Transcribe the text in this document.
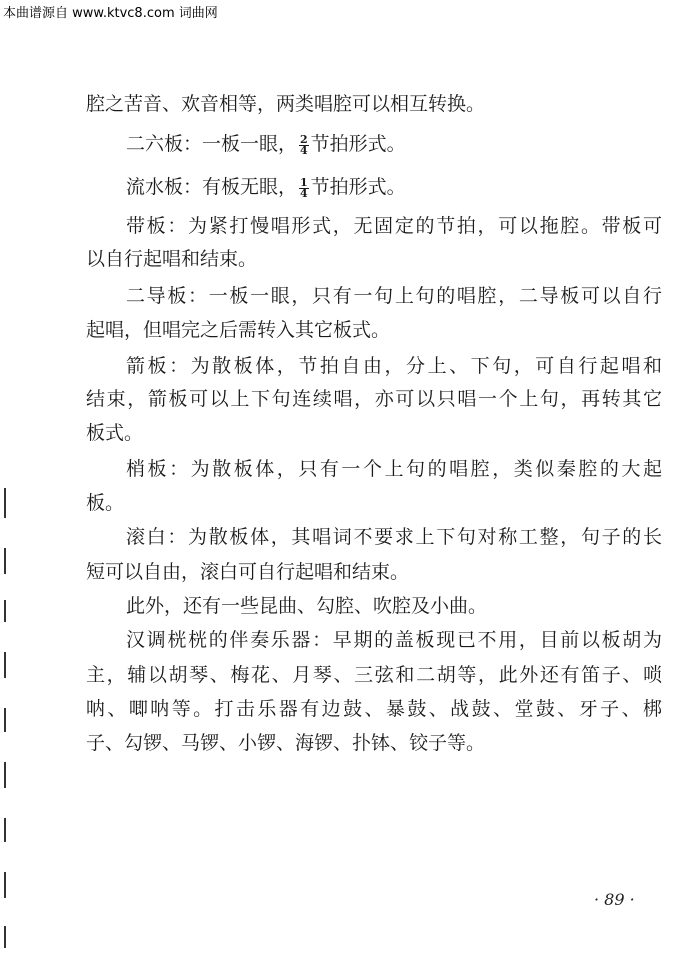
本曲谱源自 www.ktvc8.com 词曲网
腔之苦音、欢音相等，两类唱腔可以相互转换。
二六板：一板一眼， $\frac{2}{4}$ 节拍形式。
流水板：有板无眼， $\frac{1}{4}$ 节拍形式。
带板：为紧打慢唱形式，无固定的节拍，可以拖腔。带板可
以自行起唱和结束。
二导板：一板一眼，只有一句上句的唱腔，二导板可以自行
起唱，但唱完之后需转入其它板式。
箭板：为散板体，节拍自由，分上、下句，可自行起唱和
结束，箭板可以上下句连续唱，亦可以只唱一个上句，再转其它
板式。
梢板：为散板体，只有一个上句的唱腔，类似秦腔的大起
板。
滚白：为散板体，其唱词不要求上下句对称工整，句子的长
短可以自由，滚白可自行起唱和结束。
此外，还有一些昆曲、勾腔、吹腔及小曲。
汉调桄桄的伴奏乐器：早期的盖板现已不用，目前以板胡为
主，辅以胡琴、梅花、月琴、三弦和二胡等，此外还有笛子、唢
呐、唧呐等。打击乐器有边鼓、暴鼓、战鼓、堂鼓、牙子、梆
子、勾锣、马锣、小锣、海锣、扑钵、铰子等。
· 89 ·
